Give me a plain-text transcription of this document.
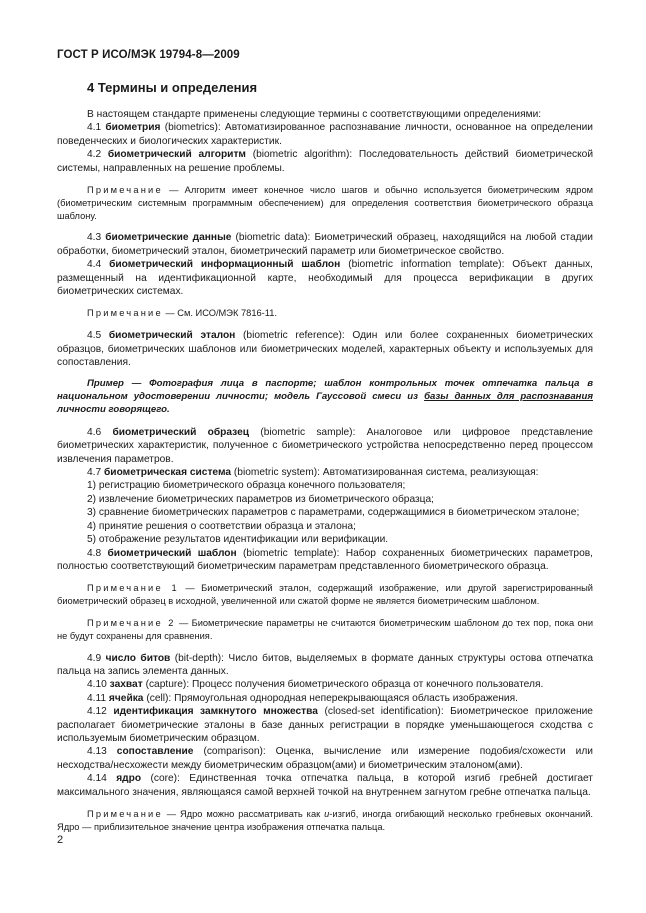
ГОСТ Р ИСО/МЭК 19794-8—2009
4 Термины и определения

В настоящем стандарте применены следующие термины с соответствующими определениями:

4.1 биометрия (biometrics): Автоматизированное распознавание личности, основанное на определении поведенческих и биологических характеристик.

4.2 биометрический алгоритм (biometric algorithm): Последовательность действий биометрической системы, направленных на решение проблемы.

Примечание — Алгоритм имеет конечное число шагов и обычно используется биометрическим ядром (биометрическим системным программным обеспечением) для определения соответствия биометрического образца шаблону.

4.3 биометрические данные (biometric data): Биометрический образец, находящийся на любой стадии обработки, биометрический эталон, биометрический параметр или биометрическое свойство.

4.4 биометрический информационный шаблон (biometric information template): Объект данных, размещенный на идентификационной карте, необходимый для процесса верификации в других биометрических системах.

Примечание — См. ИСО/МЭК 7816-11.

4.5 биометрический эталон (biometric reference): Один или более сохраненных биометрических образцов, биометрических шаблонов или биометрических моделей, характерных объекту и используемых для сопоставления.

Пример — Фотография лица в паспорте; шаблон контрольных точек отпечатка пальца в национальном удостоверении личности; модель Гауссовой смеси из базы данных для распознавания личности говорящего.

4.6 биометрический образец (biometric sample): Аналоговое или цифровое представление биометрических характеристик, полученное с биометрического устройства непосредственно перед процессом извлечения параметров.

4.7 биометрическая система (biometric system): Автоматизированная система, реализующая:

1) регистрацию биометрического образца конечного пользователя;

2) извлечение биометрических параметров из биометрического образца;

3) сравнение биометрических параметров с параметрами, содержащимися в биометрическом эталоне;

4) принятие решения о соответствии образца и эталона;

5) отображение результатов идентификации или верификации.

4.8 биометрический шаблон (biometric template): Набор сохраненных биометрических параметров, полностью соответствующий биометрическим параметрам представленного биометрического образца.

Примечание 1 — Биометрический эталон, содержащий изображение, или другой зарегистрированный биометрический образец в исходной, увеличенной или сжатой форме не является биометрическим шаблоном.

Примечание 2 — Биометрические параметры не считаются биометрическим шаблоном до тех пор, пока они не будут сохранены для сравнения.

4.9 число битов (bit-depth): Число битов, выделяемых в формате данных структуры остова отпечатка пальца на запись элемента данных.

4.10 захват (capture): Процесс получения биометрического образца от конечного пользователя.

4.11 ячейка (cell): Прямоугольная однородная неперекрывающаяся область изображения.

4.12 идентификация замкнутого множества (closed-set identification): Биометрическое приложение располагает биометрические эталоны в базе данных регистрации в порядке уменьшающегося сходства с используемым биометрическим образцом.

4.13 сопоставление (comparison): Оценка, вычисление или измерение подобия/схожести или несходства/несхожести между биометрическим образцом(ами) и биометрическим эталоном(ами).

4.14 ядро (core): Единственная точка отпечатка пальца, в которой изгиб гребней достигает максимального значения, являющаяся самой верхней точкой на внутреннем загнутом гребне отпечатка пальца.

Примечание — Ядро можно рассматривать как u-изгиб, иногда огибающий несколько гребневых окончаний. Ядро — приблизительное значение центра изображения отпечатка пальца.

2
